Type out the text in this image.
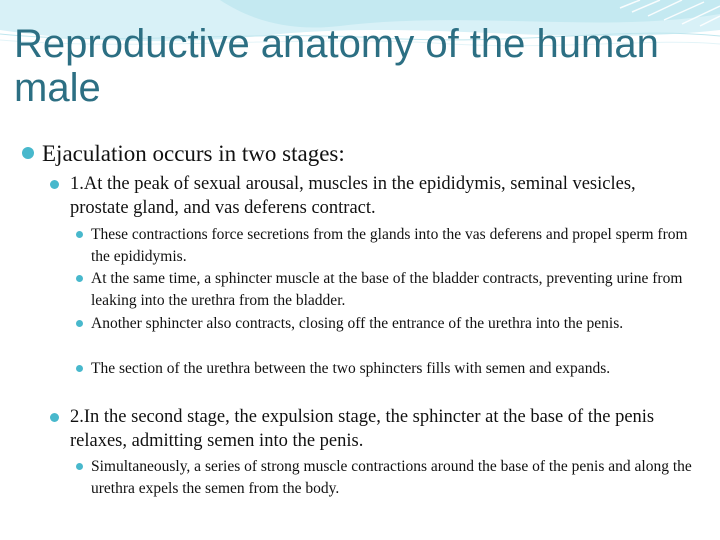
Reproductive anatomy of the human male
Ejaculation occurs in two stages:
1.At the peak of sexual arousal, muscles in the epididymis, seminal vesicles, prostate gland, and vas deferens contract.
These contractions force secretions from the glands into the vas deferens and propel sperm from the epididymis.
At the same time, a sphincter muscle at the base of the bladder contracts, preventing urine from leaking into the urethra from the bladder.
Another sphincter also contracts, closing off the entrance of the urethra into the penis.
The section of the urethra between the two sphincters fills with semen and expands.
2.In the second stage, the expulsion stage, the sphincter at the base of the penis relaxes, admitting semen into the penis.
Simultaneously, a series of strong muscle contractions around the base of the penis and along the urethra expels the semen from the body.
